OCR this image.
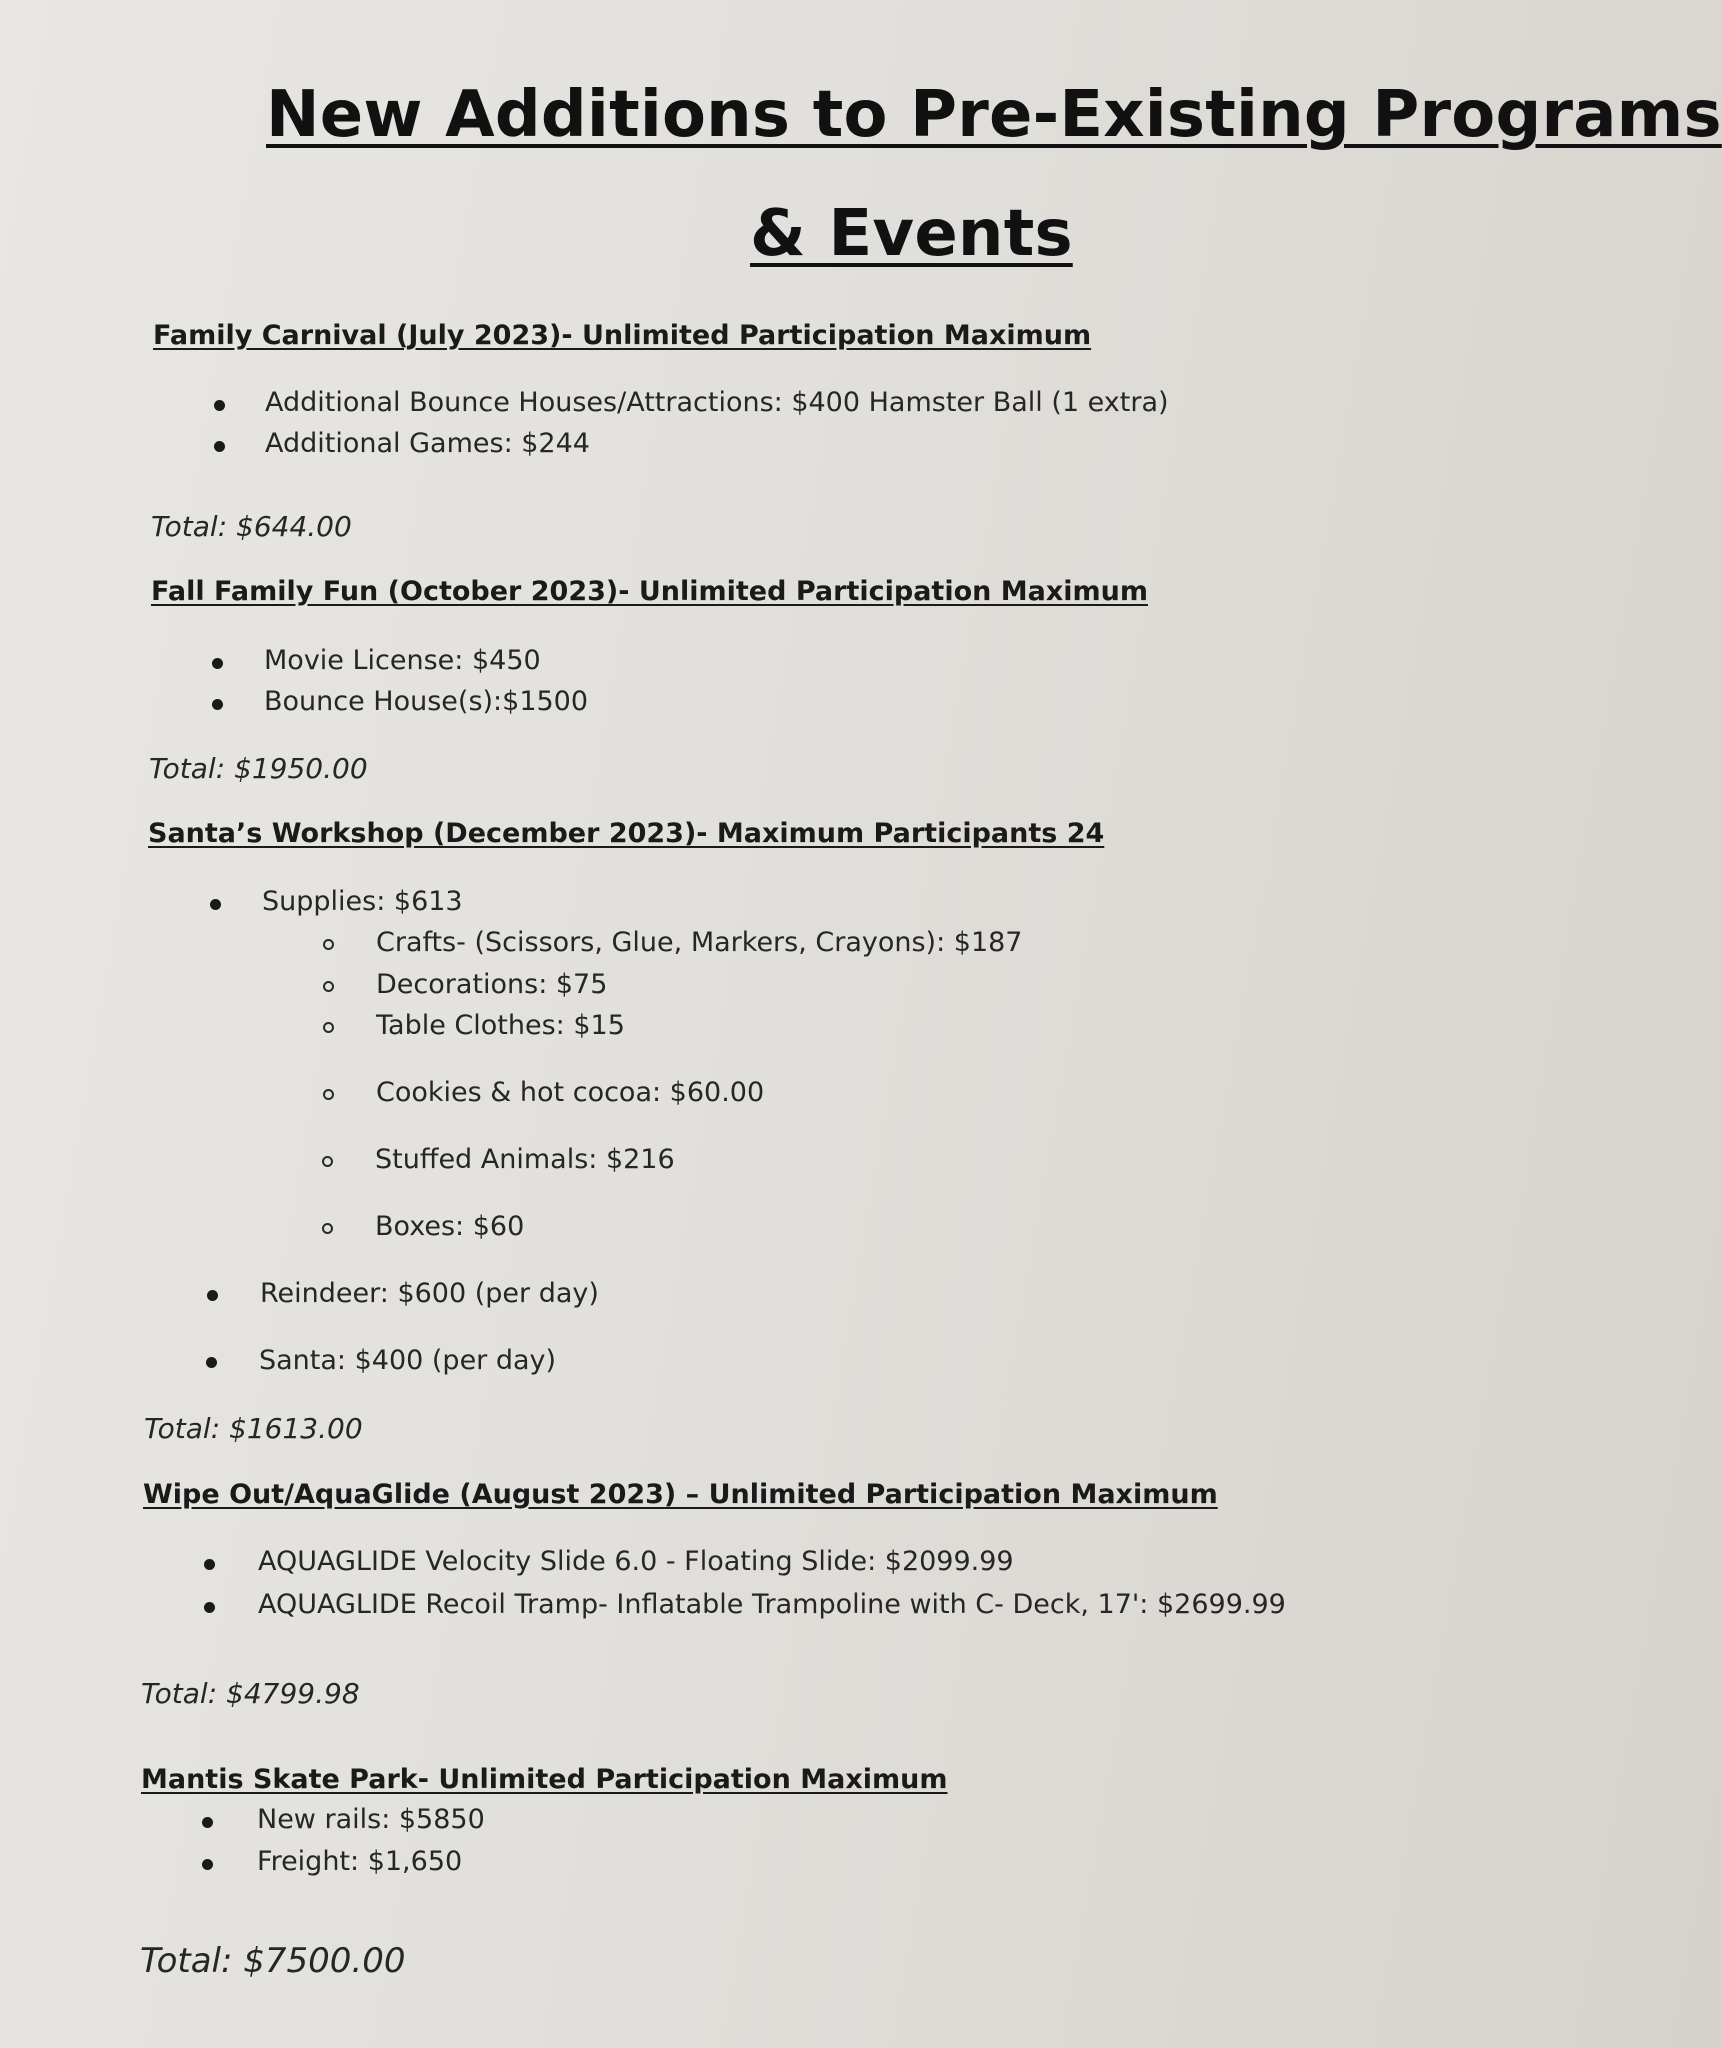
New Additions to Pre-Existing Programs
& Events
Family Carnival (July 2023)- Unlimited Participation Maximum
Additional Bounce Houses/Attractions: $400 Hamster Ball (1 extra)
Additional Games: $244
Total: $644.00
Fall Family Fun (October 2023)- Unlimited Participation Maximum
Movie License: $450
Bounce House(s):$1500
Total: $1950.00
Santa’s Workshop (December 2023)- Maximum Participants 24
Supplies: $613
Crafts- (Scissors, Glue, Markers, Crayons): $187
Decorations: $75
Table Clothes: $15
Cookies & hot cocoa: $60.00
Stuffed Animals: $216
Boxes: $60
Reindeer: $600 (per day)
Santa: $400 (per day)
Total: $1613.00
Wipe Out/AquaGlide (August 2023) – Unlimited Participation Maximum
AQUAGLIDE Velocity Slide 6.0 - Floating Slide: $2099.99
AQUAGLIDE Recoil Tramp- Inflatable Trampoline with C- Deck, 17': $2699.99
Total: $4799.98
Mantis Skate Park- Unlimited Participation Maximum
New rails: $5850
Freight: $1,650
Total: $7500.00
